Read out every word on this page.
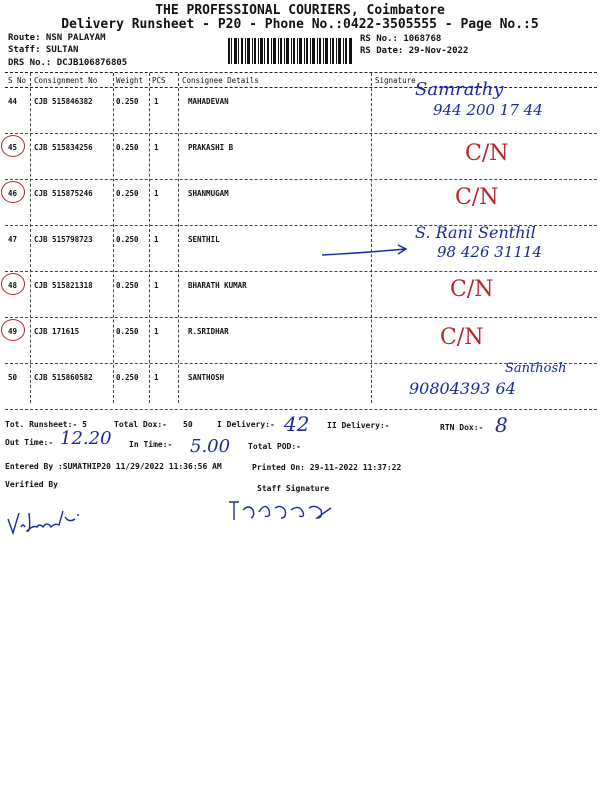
THE PROFESSIONAL COURIERS, Coimbatore
Delivery Runsheet - P20 - Phone No.:0422-3505555 - Page No.:5
Route: NSN PALAYAM
Staff: SULTAN
DRS No.: DCJB106876805
RS No.: 1068768
RS Date: 29-Nov-2022
S No Consignment No	Weight PCS Consignee Details	Signature
44 CJB 515846382	0.250 1	MAHADEVAN
Samrathy
944 200 17 44
45 CJB 515834256	0.250 1	PRAKASHI B	C/N
46 CJB 515875246	0.250 1	SHANMUGAM	C/N
47 CJB 515798723	0.250 1	SENTHIL	S. Rani Senthil
98 426 31114
48 CJB 515821318	0.250 1	BHARATH KUMAR	C/N
49 CJB 171615	0.250 1	R.SRIDHAR	C/N
50 CJB 515860582	0.250 1	SANTHOSH
Santhosh
90804393 64
Tot. Runsheet:- 5	Total Dox:- 50	I Delivery:- 42 II Delivery:-	RTN Dox:- 8
Out Time:- 12.20 In Time:- 5.00 Total POD:-
Entered By :SUMATHIP20 11/29/2022 11:36:56 AM	Printed On: 29-11-2022 11:37:22
Verified By	Staff Signature
